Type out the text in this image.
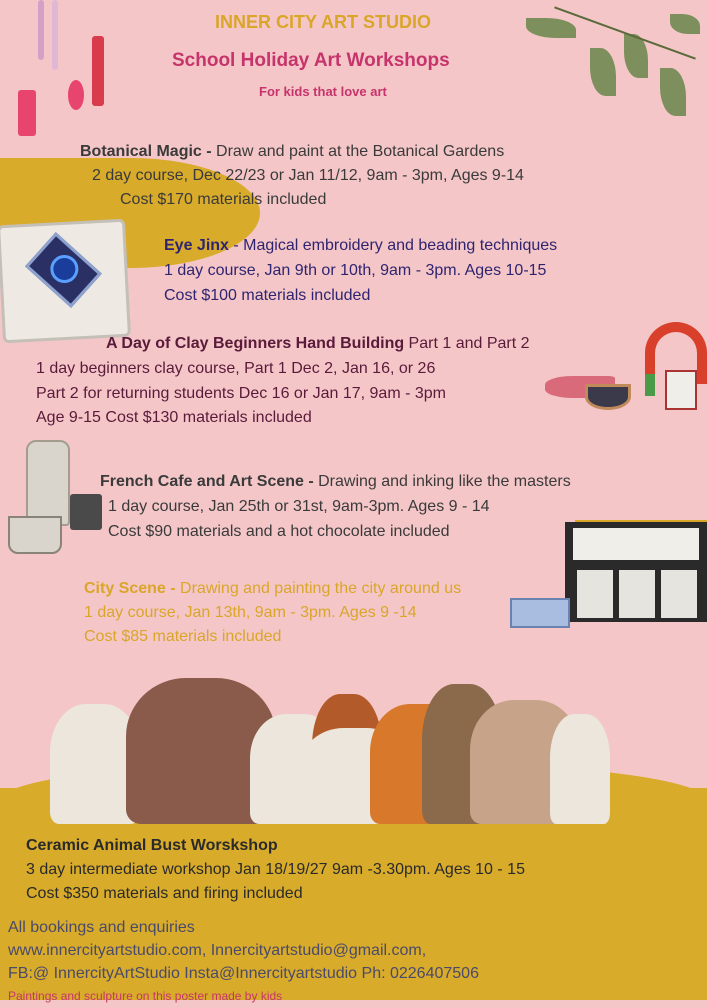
INNER CITY ART STUDIO
School Holiday Art Workshops
For kids that love art
Botanical Magic - Draw and paint at the Botanical Gardens
2 day course, Dec 22/23 or Jan 11/12, 9am - 3pm, Ages 9-14
Cost $170 materials included
Eye Jinx - Magical embroidery and beading techniques
1 day course, Jan 9th or 10th, 9am - 3pm. Ages 10-15
Cost $100 materials included
A Day of Clay Beginners Hand Building Part 1 and Part 2
1 day beginners clay course, Part 1 Dec 2, Jan 16, or 26
Part 2 for returning students Dec 16 or Jan 17, 9am - 3pm
Age 9-15 Cost $130 materials included
French Cafe and Art Scene - Drawing and inking like the masters
1 day course, Jan 25th or 31st, 9am-3pm. Ages 9 - 14
Cost $90 materials and a hot chocolate included
City Scene - Drawing and painting the city around us
1 day course, Jan 13th, 9am - 3pm. Ages 9 -14
Cost $85 materials included
Ceramic Animal Bust Worskshop
3 day intermediate workshop Jan 18/19/27 9am -3.30pm. Ages 10 - 15
Cost $350 materials and firing included
All bookings and enquiries
www.innercityartstudio.com, Innercityartstudio@gmail.com,
FB:@ InnercityArtStudio Insta@Innercityartstudio Ph: 0226407506
Paintings and sculpture on this poster made by kids
